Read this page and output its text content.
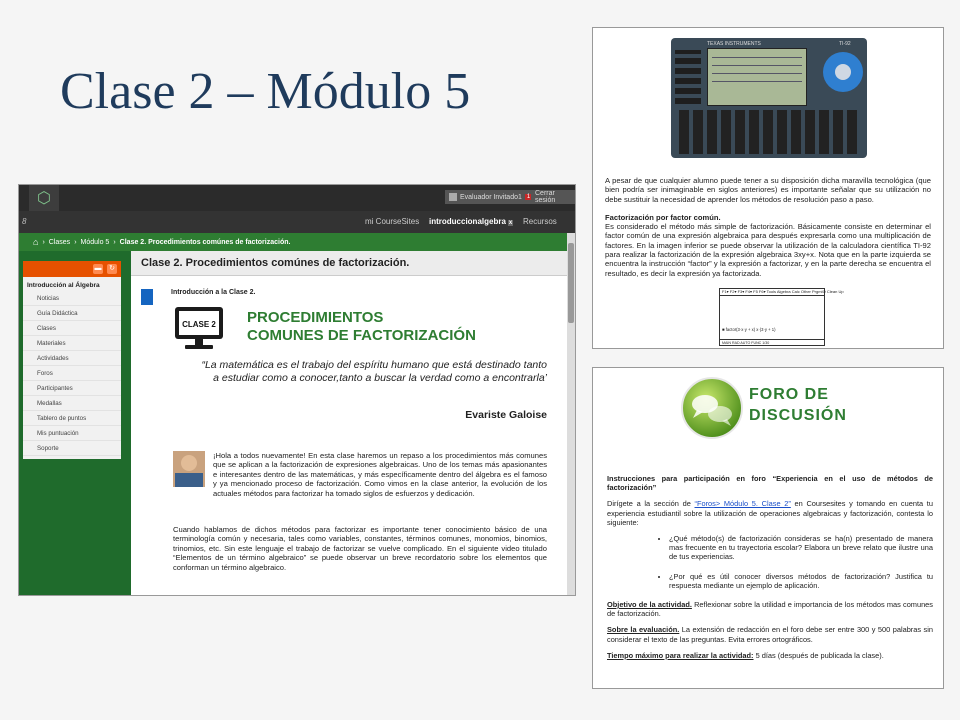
Clase 2 – Módulo 5
⬡	Evaluador Invitado1 1 Cerrar sesión
8	mi CourseSites introduccionalgebra x Recursos
⌂ › Clases › Módulo 5 › Clase 2. Procedimientos comúnes de factorización.
▬ ↻
Introducción al Álgebra
Noticias
Guía Didáctica
Clases
Materiales
Actividades
Foros
Participantes
Medallas
Tablero de puntos
Mis puntuación
Soporte
Clase 2. Procedimientos comúnes de factorización.
Introducción a la Clase 2.
CLASE 2 PROCEDIMIENTOS
COMUNES DE FACTORIZACIÓN
“La matemática es el trabajo del espíritu humano que está destinado tanto a estudiar como a conocer,tanto a buscar la verdad como a encontrarla’
Evariste Galoise
¡Hola a todos nuevamente! En esta clase haremos un repaso a los procedimientos más comunes que se aplican a la factorización de expresiones algebraicas. Uno de los temas más apasionantes e interesantes dentro de las matemáticas, y más específicamente dentro del álgebra es el famoso y ya mencionado proceso de factorización. Como vimos en la clase anterior, la evolución de los actuales métodos para factorizar ha tomado siglos de esfuerzos y dedicación.
Cuando hablamos de dichos métodos para factorizar es importante tener conocimiento básico de una terminología común y necesaria, tales como variables, constantes, términos comunes, monomios, binomios, trinomios, etc. Sin este lenguaje el trabajo de factorizar se vuelve complicado. En el siguiente video titulado “Elementos de un término algebraico” se puede observar un breve recordatorio sobre los elementos que conforman un término algebraico.
TEXAS INSTRUMENTS	TI-92

A pesar de que cualquier alumno puede tener a su disposición dicha maravilla tecnológica (que bien podría ser inimaginable en siglos anteriores) es importante señalar que su utilización no debe sustituir la necesidad de aprender los métodos de resolución paso a paso.

Factorización por factor común.

Es considerado el método más simple de factorización. Básicamente consiste en determinar el factor común de una expresión algebraica para después expresarla como una multiplicación de factores. En la imagen inferior se puede observar la utilización de la calculadora científica TI-92 para realizar la factorización de la expresión algebraica 3xy+x. Nota que en la parte izquierda se encuentra la instrucción “factor” y la expresión a factorizar, y en la parte derecha se encuentra el resultado, es decir la expresión ya factorizada.

F1▾ F2▾ F3▾ F4▾ F5 F6▾ Tools Algebra Calc Other PrgmIO Clean Up
■ factor(3·x·y + x) x·(3·y + 1)
MAIN RAD AUTO FUNC 1/30
FORO DE
DISCUSIÓN

Instrucciones para participación en foro “Experiencia en el uso de métodos de factorización”

Dirígete a la sección de “Foros> Módulo 5. Clase 2” en Coursesites y tomando en cuenta tu experiencia estudiantil sobre la utilización de operaciones algebraicas y factorización, contesta lo siguiente:

• ¿Qué método(s) de factorización consideras se ha(n) presentado de manera mas frecuente en tu trayectoria escolar? Elabora un breve relato que ilustre una de tus experiencias.
• ¿Por qué es útil conocer diversos métodos de factorización? Justifica tu respuesta mediante un ejemplo de aplicación.

Objetivo de la actividad. Reflexionar sobre la utilidad e importancia de los métodos mas comunes de factorización.

Sobre la evaluación. La extensión de redacción en el foro debe ser entre 300 y 500 palabras sin considerar el texto de las preguntas. Evita errores ortográficos.

Tiempo máximo para realizar la actividad: 5 días (después de publicada la clase).
